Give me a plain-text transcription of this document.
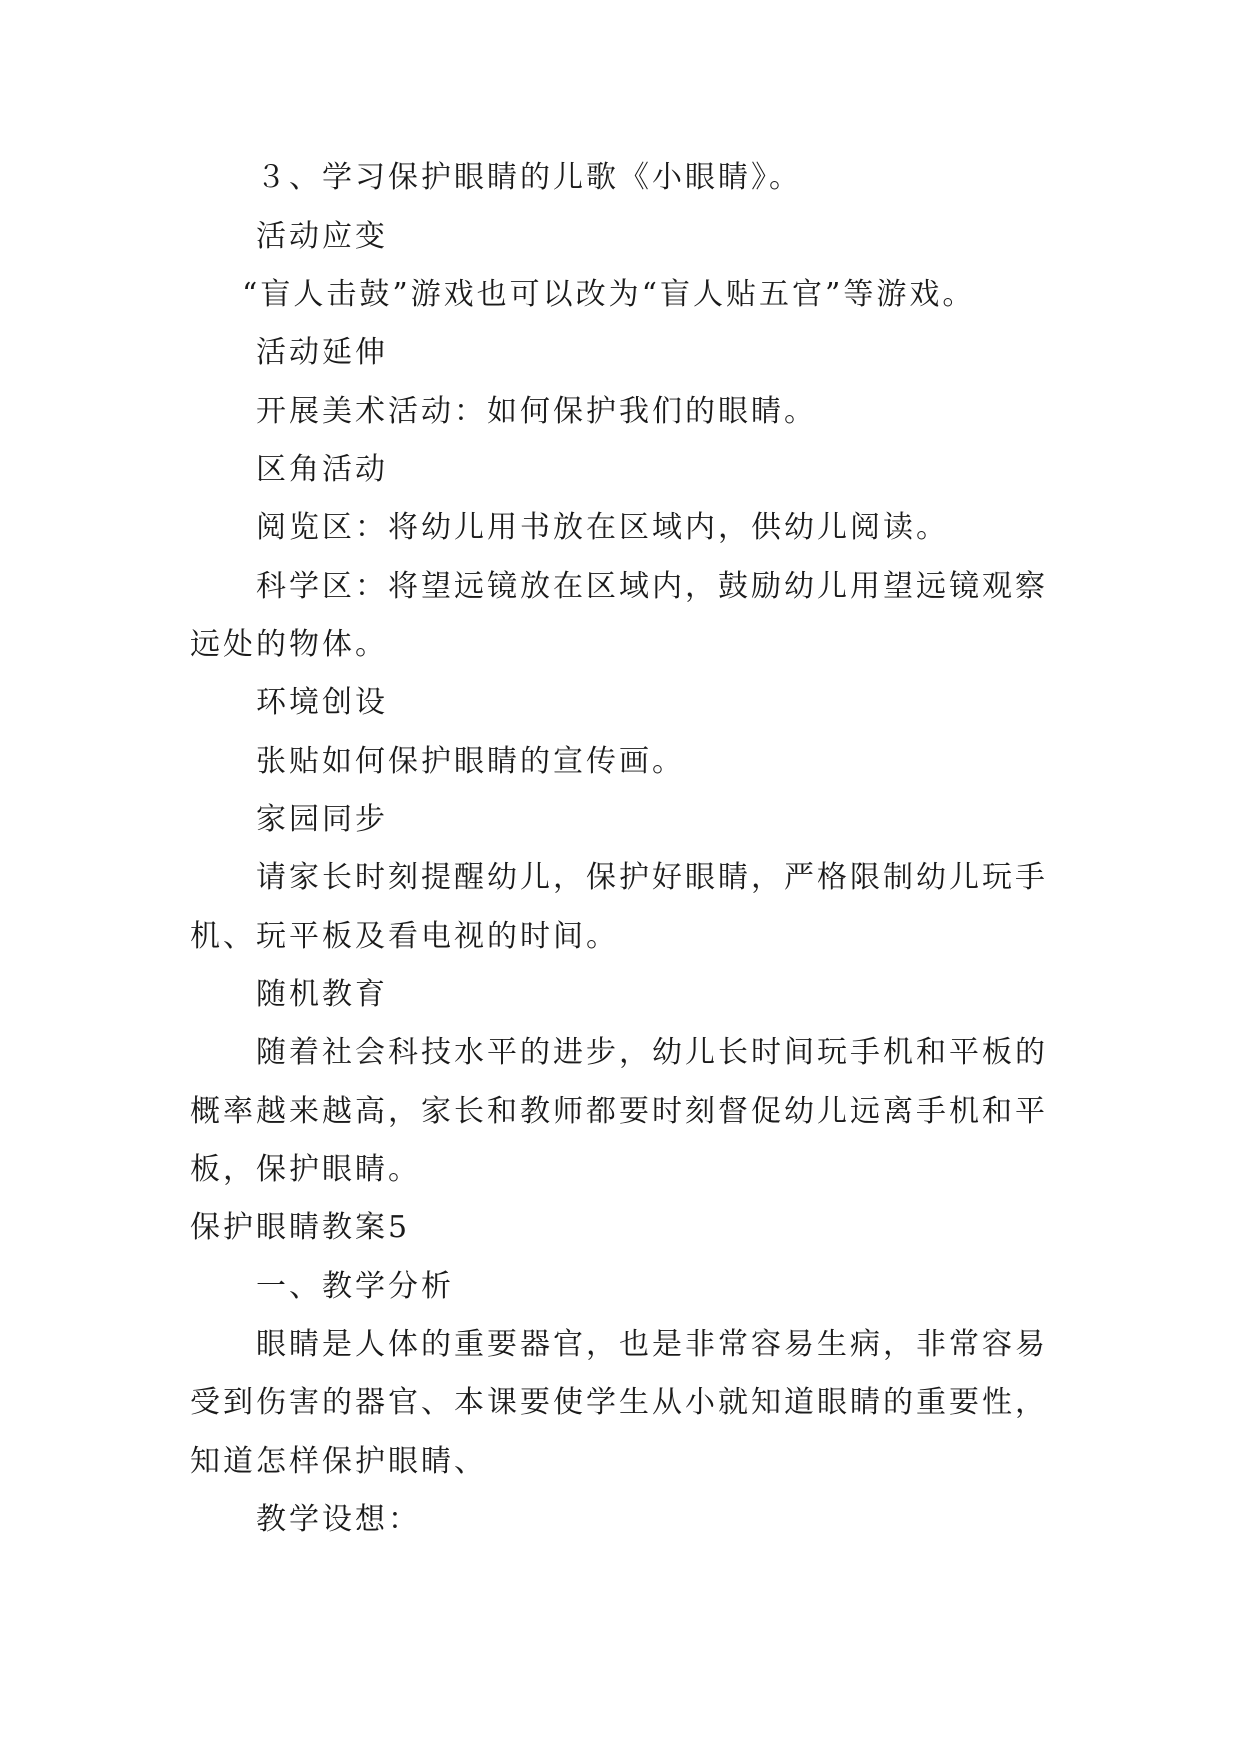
３、学习保护眼睛的儿歌《小眼睛》。
活动应变
“盲人击鼓”游戏也可以改为“盲人贴五官”等游戏。
活动延伸
开展美术活动：如何保护我们的眼睛。
区角活动
阅览区：将幼儿用书放在区域内，供幼儿阅读。
科学区：将望远镜放在区域内，鼓励幼儿用望远镜观察
远处的物体。
环境创设
张贴如何保护眼睛的宣传画。
家园同步
请家长时刻提醒幼儿，保护好眼睛，严格限制幼儿玩手
机、玩平板及看电视的时间。
随机教育
随着社会科技水平的进步，幼儿长时间玩手机和平板的
概率越来越高，家长和教师都要时刻督促幼儿远离手机和平
板，保护眼睛。
保护眼睛教案5
一、教学分析
眼睛是人体的重要器官，也是非常容易生病，非常容易
受到伤害的器官、本课要使学生从小就知道眼睛的重要性，
知道怎样保护眼睛、
教学设想：
